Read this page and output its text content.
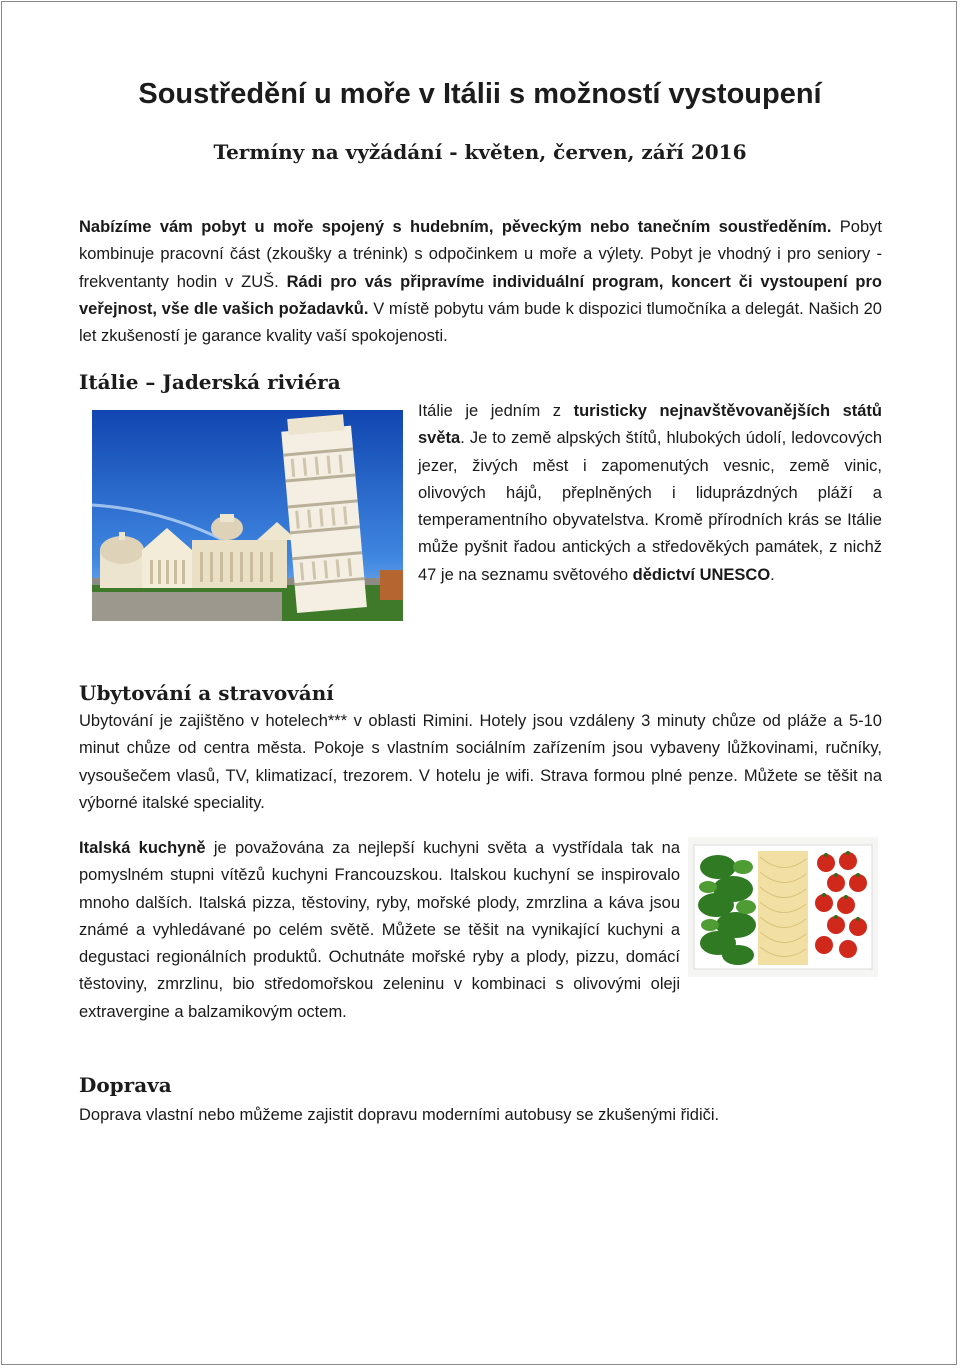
Soustředění u moře v Itálii s možností vystoupení
Termíny na vyžádání - květen, červen, září 2016

Nabízíme vám pobyt u moře spojený s hudebním, pěveckým nebo tanečním soustředěním. Pobyt kombinuje pracovní část (zkoušky a trénink) s odpočinkem u moře a výlety. Pobyt je vhodný i pro seniory - frekventanty hodin v ZUŠ. Rádi pro vás připravíme individuální program, koncert či vystoupení pro veřejnost, vše dle vašich požadavků. V místě pobytu vám bude k dispozici tlumočníka a delegát. Našich 20 let zkušeností je garance kvality vaší spokojenosti.

Itálie – Jaderská riviéra

Itálie je jedním z turisticky nejnavštěvovanějších států světa. Je to země alpských štítů, hlubokých údolí, ledovcových jezer, živých měst i zapomenutých vesnic, země vinic, olivových hájů, přeplněných i liduprázdných pláží a temperamentního obyvatelstva. Kromě přírodních krás se Itálie může pyšnit řadou antických a středověkých památek, z nichž 47 je na seznamu světového dědictví UNESCO.

Ubytování a stravování

Ubytování je zajištěno v hotelech*** v oblasti Rimini. Hotely jsou vzdáleny 3 minuty chůze od pláže a 5-10 minut chůze od centra města. Pokoje s vlastním sociálním zařízením jsou vybaveny lůžkovinami, ručníky, vysoušečem vlasů, TV, klimatizací, trezorem. V hotelu je wifi. Strava formou plné penze. Můžete se těšit na výborné italské speciality.

Italská kuchyně je považována za nejlepší kuchyni světa a vystřídala tak na pomyslném stupni vítězů kuchyni Francouzskou. Italskou kuchyní se inspirovalo mnoho dalších. Italská pizza, těstoviny, ryby, mořské plody, zmrzlina a káva jsou známé a vyhledávané po celém světě. Můžete se těšit na vynikající kuchyni a degustaci regionálních produktů. Ochutnáte mořské ryby a plody, pizzu, domácí těstoviny, zmrzlinu, bio středomořskou zeleninu v kombinaci s olivovými oleji extravergine a balzamikovým octem.

Doprava

Doprava vlastní nebo můžeme zajistit dopravu moderními autobusy se zkušenými řidiči.
